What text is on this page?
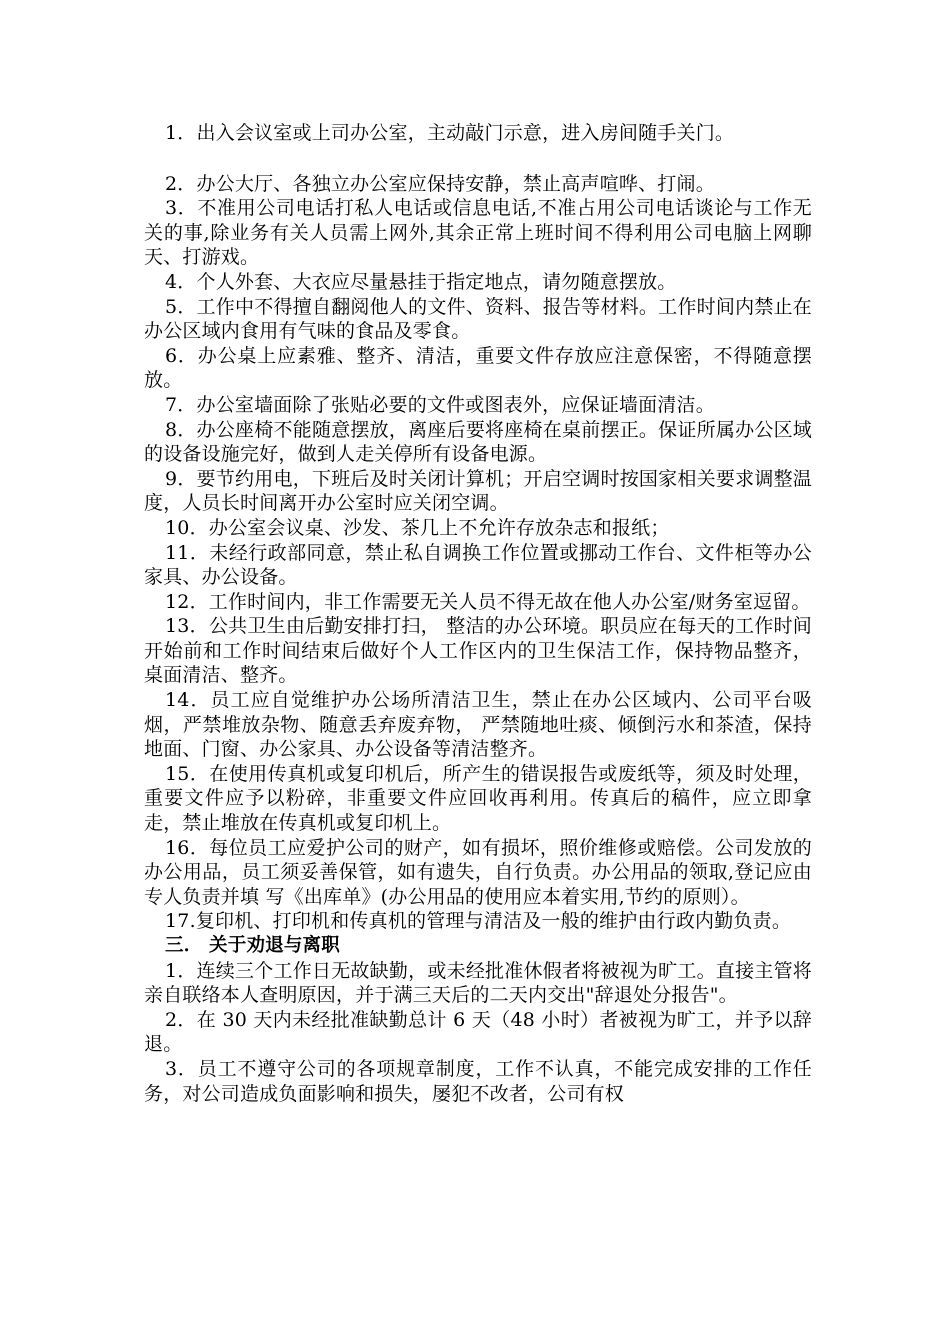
1．出入会议室或上司办公室，主动敲门示意，进入房间随手关门。

2．办公大厅、各独立办公室应保持安静，禁止高声喧哗、打闹。

3．不准用公司电话打私人电话或信息电话,不准占用公司电话谈论与工作无关的事,除业务有关人员需上网外,其余正常上班时间不得利用公司电脑上网聊天、打游戏。

4．个人外套、大衣应尽量悬挂于指定地点，请勿随意摆放。

5．工作中不得擅自翻阅他人的文件、资料、报告等材料。工作时间内禁止在办公区域内食用有气味的食品及零食。

6．办公桌上应素雅、整齐、清洁，重要文件存放应注意保密，不得随意摆放。

7．办公室墙面除了张贴必要的文件或图表外，应保证墙面清洁。

8．办公座椅不能随意摆放，离座后要将座椅在桌前摆正。保证所属办公区域的设备设施完好，做到人走关停所有设备电源。

9．要节约用电，下班后及时关闭计算机；开启空调时按国家相关要求调整温度，人员长时间离开办公室时应关闭空调。

10．办公室会议桌、沙发、茶几上不允许存放杂志和报纸；

11．未经行政部同意，禁止私自调换工作位置或挪动工作台、文件柜等办公家具、办公设备。

12．工作时间内，非工作需要无关人员不得无故在他人办公室/财务室逗留。

13．公共卫生由后勤安排打扫， 整洁的办公环境。职员应在每天的工作时间开始前和工作时间结束后做好个人工作区内的卫生保洁工作，保持物品整齐，桌面清洁、整齐。

14．员工应自觉维护办公场所清洁卫生，禁止在办公区域内、公司平台吸烟，严禁堆放杂物、随意丢弃废弃物， 严禁随地吐痰、倾倒污水和茶渣，保持地面、门窗、办公家具、办公设备等清洁整齐。

15．在使用传真机或复印机后，所产生的错误报告或废纸等，须及时处理，重要文件应予以粉碎，非重要文件应回收再利用。传真后的稿件，应立即拿走，禁止堆放在传真机或复印机上。

16．每位员工应爱护公司的财产，如有损坏，照价维修或赔偿。公司发放的办公用品，员工须妥善保管，如有遗失，自行负责。办公用品的领取,登记应由专人负责并填 写《出库单》(办公用品的使用应本着实用,节约的原则）。

17.复印机、打印机和传真机的管理与清洁及一般的维护由行政内勤负责。

三． 关于劝退与离职

1．连续三个工作日无故缺勤，或未经批准休假者将被视为旷工。直接主管将亲自联络本人查明原因，并于满三天后的二天内交出"辞退处分报告"。

2．在 30 天内未经批准缺勤总计 6 天（48 小时）者被视为旷工，并予以辞退。

3．员工不遵守公司的各项规章制度，工作不认真，不能完成安排的工作任务，对公司造成负面影响和损失，屡犯不改者，公司有权
